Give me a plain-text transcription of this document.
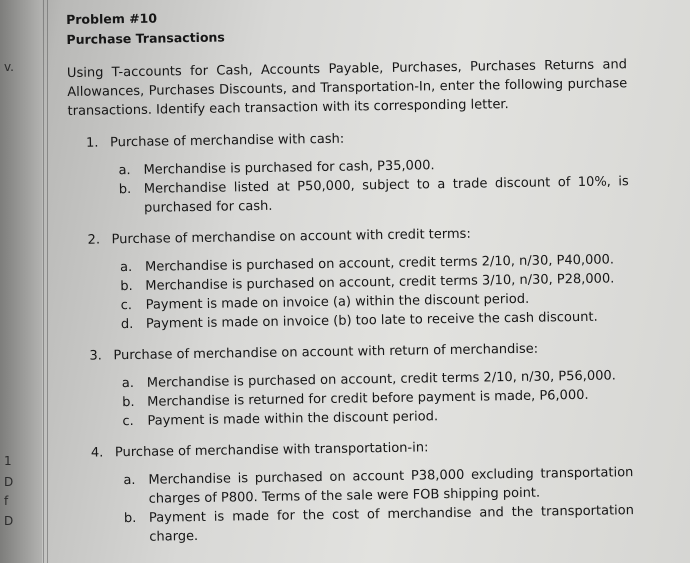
v.
1
D
f
D
Problem #10
Purchase Transactions

Using T-accounts for Cash, Accounts Payable, Purchases, Purchases Returns and Allowances, Purchases Discounts, and Transportation-In, enter the following purchase transactions. Identify each transaction with its corresponding letter.

1. Purchase of merchandise with cash:
a. Merchandise is purchased for cash, P35,000.
b. Merchandise listed at P50,000, subject to a trade discount of 10%, is purchased for cash.
2. Purchase of merchandise on account with credit terms:
a. Merchandise is purchased on account, credit terms 2/10, n/30, P40,000.
b. Merchandise is purchased on account, credit terms 3/10, n/30, P28,000.
c.	Payment is made on invoice (a) within the discount period.
d. Payment is made on invoice (b) too late to receive the cash discount.
3. Purchase of merchandise on account with return of merchandise:
a. Merchandise is purchased on account, credit terms 2/10, n/30, P56,000.
b. Merchandise is returned for credit before payment is made, P6,000.
c.	Payment is made within the discount period.
4. Purchase of merchandise with transportation-in:
a. Merchandise is purchased on account P38,000 excluding transportation charges of P800. Terms of the sale were FOB shipping point.
b. Payment is made for the cost of merchandise and the transportation charge.
